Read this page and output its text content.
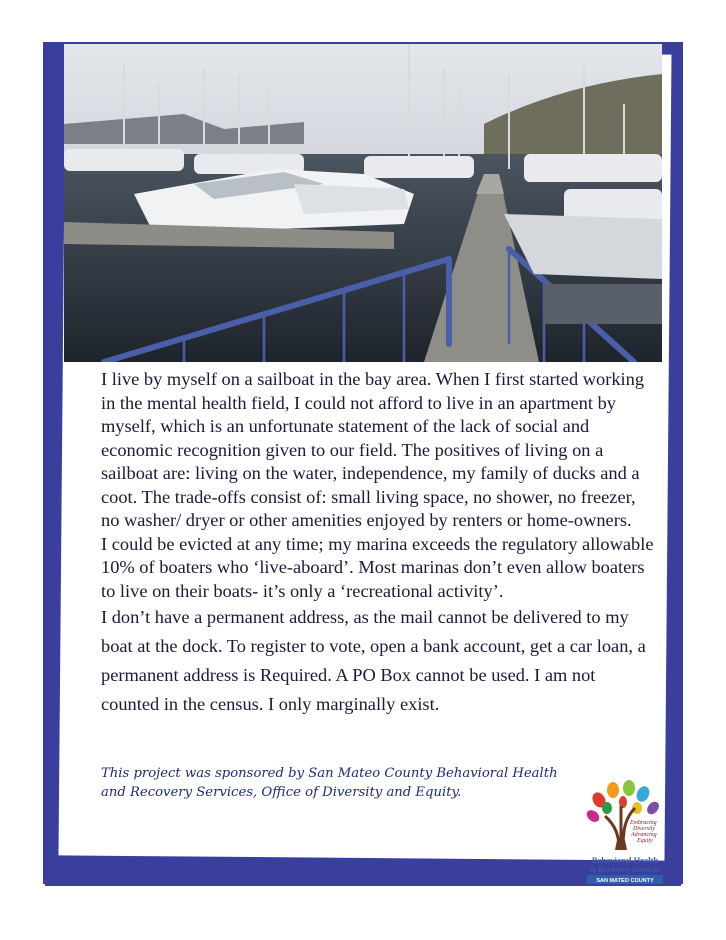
I live by myself on a sailboat in the bay area. When I first started working in the mental health field, I could not afford to live in an apartment by myself, which is an unfortunate statement of the lack of social and economic recognition given to our field. The positives of living on a sailboat are: living on the water, independence, my family of ducks and a coot. The trade-offs consist of: small living space, no shower, no freezer, no washer/ dryer or other amenities enjoyed by renters or home-owners.

I could be evicted at any time; my marina exceeds the regulatory allowable 10% of boaters who ‘live-aboard’. Most marinas don’t even allow boaters to live on their boats- it’s only a ‘recreational activity’.

I don’t have a permanent address, as the mail cannot be delivered to my boat at the dock. To register to vote, open a bank account, get a car loan, a permanent address is Required. A PO Box cannot be used. I am not counted in the census. I only marginally exist.

This project was sponsored by San Mateo County Behavioral Health and Recovery Services, Office of Diversity and Equity.
Embracing
Diversity
Advancing
Equity
Behavioral Health
& Recovery Services
SAN MATEO COUNTY
